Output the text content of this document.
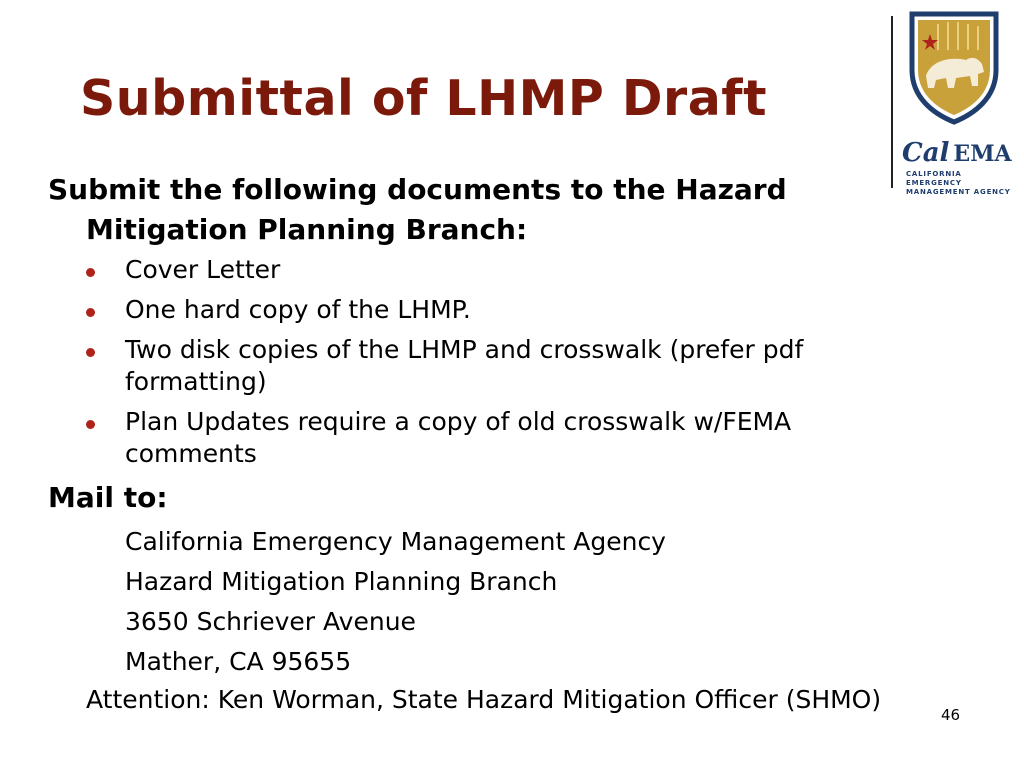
Submittal of LHMP Draft
Cal EMA
CALIFORNIA EMERGENCY
MANAGEMENT AGENCY
Submit the following documents to the Hazard
Mitigation Planning Branch:
Cover Letter
One hard copy of the LHMP.
Two disk copies of the LHMP and crosswalk (prefer pdf formatting)
Plan Updates require a copy of old crosswalk w/FEMA comments
Mail to:
California Emergency Management Agency
Hazard Mitigation Planning Branch
3650 Schriever Avenue
Mather, CA 95655
Attention: Ken Worman, State Hazard Mitigation Officer (SHMO)
46
